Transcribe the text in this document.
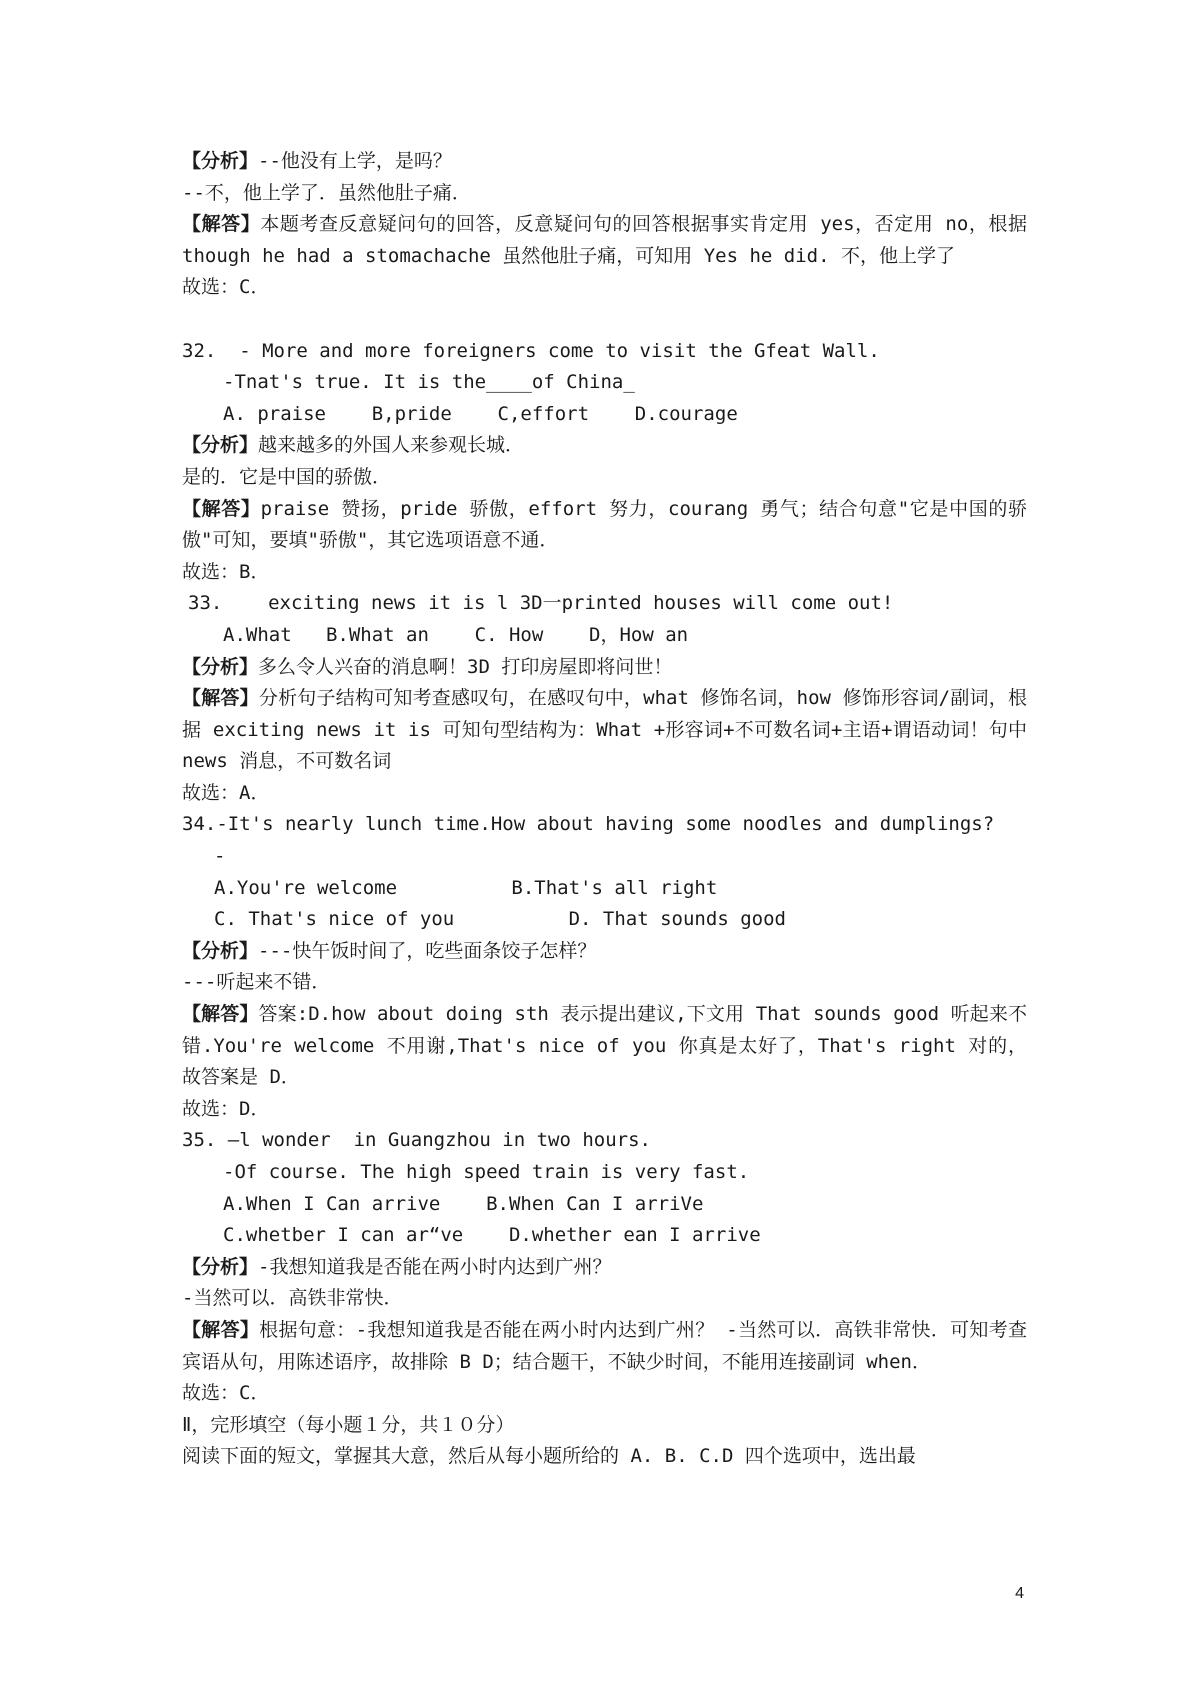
【分析】--他没有上学，是吗？
--不，他上学了．虽然他肚子痛．
【解答】本题考查反意疑问句的回答，反意疑问句的回答根据事实肯定用 yes，否定用 no，根据 though he had a stomachache 虽然他肚子痛，可知用 Yes he did. 不，他上学了
故选：C．
32.  - More and more foreigners come to visit the Gfeat Wall.
-Tnat's true. It is the____of China_
A. praise    B,pride    C,effort    D.courage
【分析】越来越多的外国人来参观长城．
是的．它是中国的骄傲．
【解答】praise 赞扬，pride 骄傲，effort 努力，courang 勇气；结合句意"它是中国的骄傲"可知，要填"骄傲"，其它选项语意不通．
故选：B．
33.    exciting news it is l 3D一printed houses will come out!
A.What   B.What an    C. How    D，How an
【分析】多么令人兴奋的消息啊！3D 打印房屋即将问世！
【解答】分析句子结构可知考查感叹句，在感叹句中，what 修饰名词，how 修饰形容词/副词，根据 exciting news it is 可知句型结构为：What +形容词+不可数名词+主语+谓语动词！句中 news 消息，不可数名词
故选：A．
34.-It's nearly lunch time.How about having some noodles and dumplings?
-
A.You're welcome          B.That's all right
C. That's nice of you          D. That sounds good
【分析】---快午饭时间了，吃些面条饺子怎样？
---听起来不错．
【解答】答案:D.how about doing sth 表示提出建议,下文用 That sounds good 听起来不错.You're welcome 不用谢,That's nice of you 你真是太好了，That's right 对的，故答案是 D．
故选：D．
35. —l wonder  in Guangzhou in two hours.
-Of course. The high speed train is very fast.
A.When I Can arrive    B.When Can I arriVe
C.whetber I can ar“ve    D.whether ean I arrive
【分析】-我想知道我是否能在两小时内达到广州？
-当然可以．高铁非常快．
【解答】根据句意：-我想知道我是否能在两小时内达到广州？ -当然可以．高铁非常快．可知考查宾语从句，用陈述语序，故排除 B D；结合题干，不缺少时间，不能用连接副词 when．
故选：C．
Ⅱ，完形填空（每小题１分，共１０分）
阅读下面的短文，掌握其大意，然后从每小题所给的 A. B. C.D 四个选项中，选出最
4
